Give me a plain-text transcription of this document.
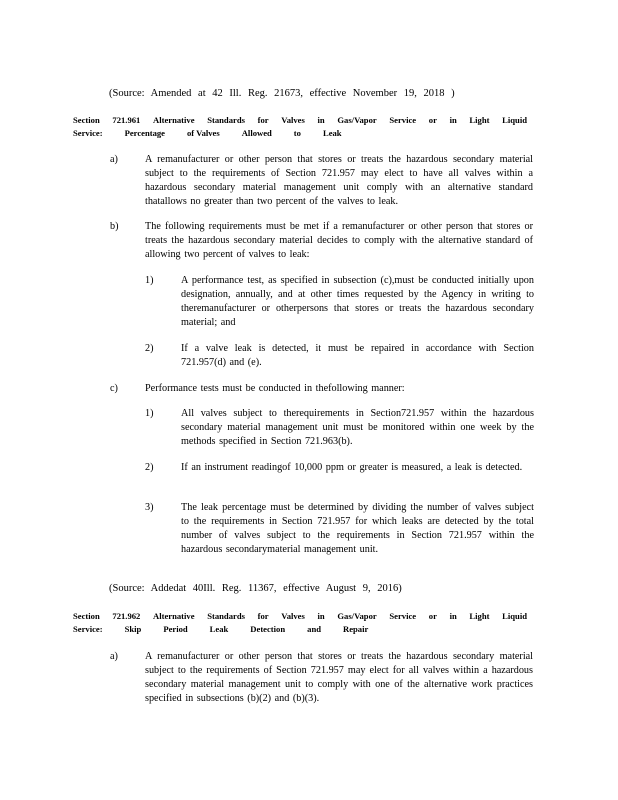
(Source: Amended at 42 Ill. Reg. 21673, effective November 19, 2018 )
Section 721.961 Alternative Standards for Valves in Gas/Vapor Service or in Light Liquid
Service:	Percentage	of Valves	Allowed	to	Leak
a)	A remanufacturer or other person that stores or treats the hazardous secondary material subject to the requirements of Section 721.957 may elect to have all valves within a hazardous secondary material management unit comply with an alternative standard thatallows no greater than two percent of the valves to leak.
b)	The following requirements must be met if a remanufacturer or other person that stores or treats the hazardous secondary material decides to comply with the alternative standard of allowing two percent of valves to leak:
1)	A performance test, as specified in subsection (c),must be conducted initially upon designation, annually, and at other times requested by the Agency in writing to theremanufacturer or otherpersons that stores or treats the hazardous secondary material; and
2)	If a valve leak is detected, it must be repaired in accordance with Section 721.957(d) and (e).
c)	Performance tests must be conducted in thefollowing manner:
1)	All valves subject to therequirements in Section721.957 within the hazardous secondary material management unit must be monitored within one week by the methods specified in Section 721.963(b).
2)	If an instrument readingof 10,000 ppm or greater is measured, a leak is detected.
3)	The leak percentage must be determined by dividing the number of valves subject to the requirements in Section 721.957 for which leaks are detected by the total number of valves subject to the requirements in Section 721.957 within the hazardous secondarymaterial management unit.
(Source: Addedat 40Ill. Reg. 11367, effective August 9, 2016)
Section 721.962 Alternative Standards for Valves in Gas/Vapor Service or in Light Liquid
Service:	Skip	Period	Leak	Detection	and	Repair
a)	A remanufacturer or other person that stores or treats the hazardous secondary material subject to the requirements of Section 721.957 may elect for all valves within a hazardous secondary material management unit to comply with one of the alternative work practices specified in subsections (b)(2) and (b)(3).
